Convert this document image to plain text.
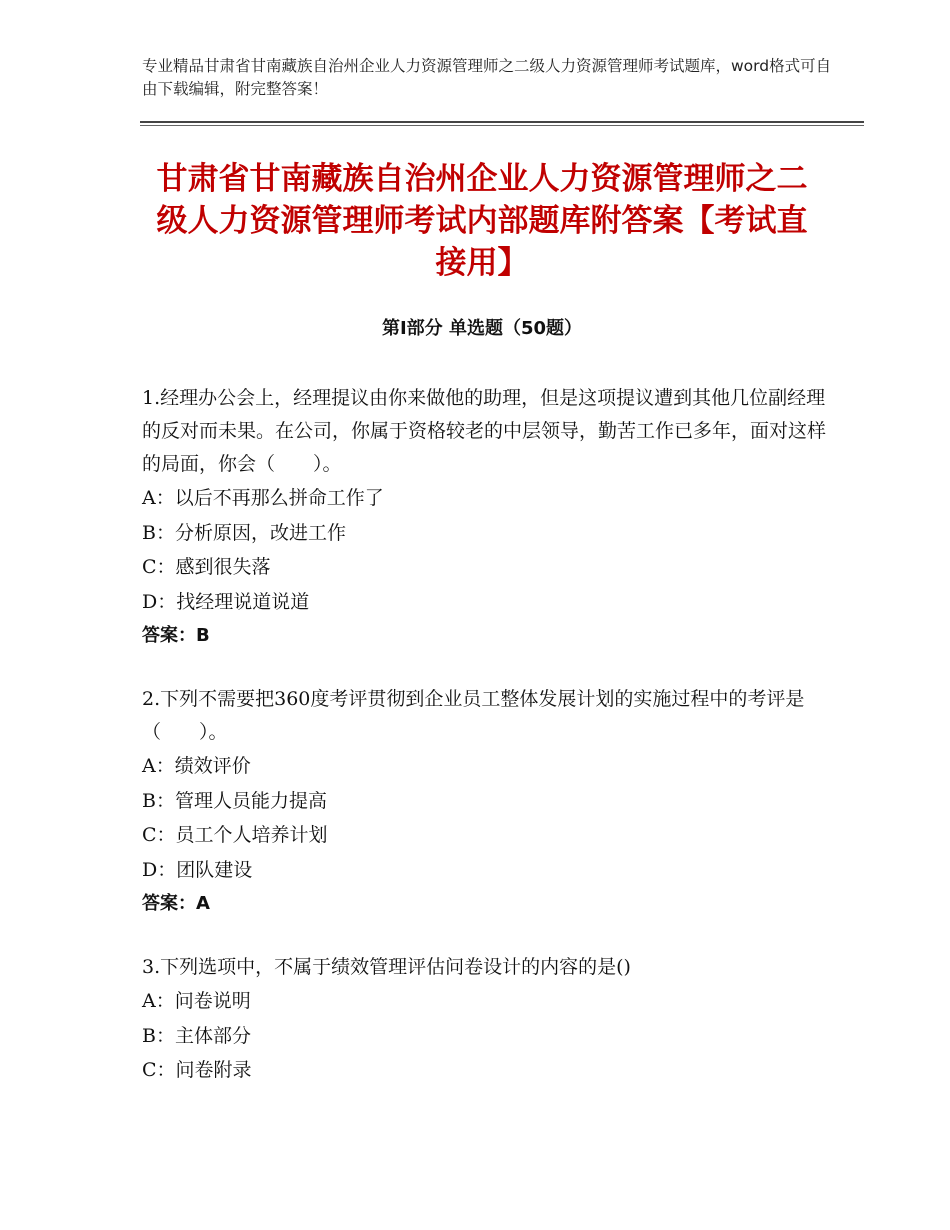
专业精品甘肃省甘南藏族自治州企业人力资源管理师之二级人力资源管理师考试题库，word格式可自由下载编辑，附完整答案！
甘肃省甘南藏族自治州企业人力资源管理师之二级人力资源管理师考试内部题库附答案【考试直接用】
第Ⅰ部分 单选题（50题）
1.经理办公会上，经理提议由你来做他的助理，但是这项提议遭到其他几位副经理的反对而未果。在公司，你属于资格较老的中层领导，勤苦工作已多年，面对这样的局面，你会（　　）。
A：以后不再那么拼命工作了
B：分析原因，改进工作
C：感到很失落
D：找经理说道说道
答案：B
2.下列不需要把360度考评贯彻到企业员工整体发展计划的实施过程中的考评是（　　）。
A：绩效评价
B：管理人员能力提高
C：员工个人培养计划
D：团队建设
答案：A
3.下列选项中，不属于绩效管理评估问卷设计的内容的是()
A：问卷说明
B：主体部分
C：问卷附录
